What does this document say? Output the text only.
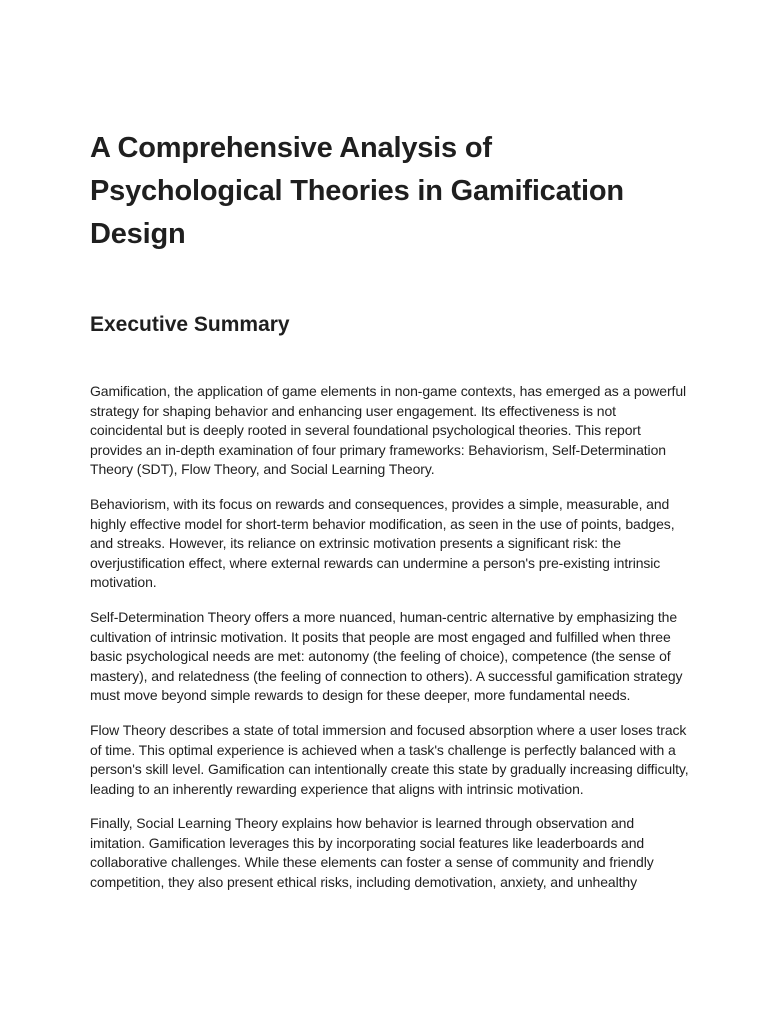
A Comprehensive Analysis of Psychological Theories in Gamification Design
Executive Summary

Gamification, the application of game elements in non-game contexts, has emerged as a powerful strategy for shaping behavior and enhancing user engagement. Its effectiveness is not coincidental but is deeply rooted in several foundational psychological theories. This report provides an in-depth examination of four primary frameworks: Behaviorism, Self-Determination Theory (SDT), Flow Theory, and Social Learning Theory.

Behaviorism, with its focus on rewards and consequences, provides a simple, measurable, and highly effective model for short-term behavior modification, as seen in the use of points, badges, and streaks. However, its reliance on extrinsic motivation presents a significant risk: the overjustification effect, where external rewards can undermine a person's pre-existing intrinsic motivation.

Self-Determination Theory offers a more nuanced, human-centric alternative by emphasizing the cultivation of intrinsic motivation. It posits that people are most engaged and fulfilled when three basic psychological needs are met: autonomy (the feeling of choice), competence (the sense of mastery), and relatedness (the feeling of connection to others). A successful gamification strategy must move beyond simple rewards to design for these deeper, more fundamental needs.

Flow Theory describes a state of total immersion and focused absorption where a user loses track of time. This optimal experience is achieved when a task's challenge is perfectly balanced with a person's skill level. Gamification can intentionally create this state by gradually increasing difficulty, leading to an inherently rewarding experience that aligns with intrinsic motivation.

Finally, Social Learning Theory explains how behavior is learned through observation and imitation. Gamification leverages this by incorporating social features like leaderboards and collaborative challenges. While these elements can foster a sense of community and friendly competition, they also present ethical risks, including demotivation, anxiety, and unhealthy
